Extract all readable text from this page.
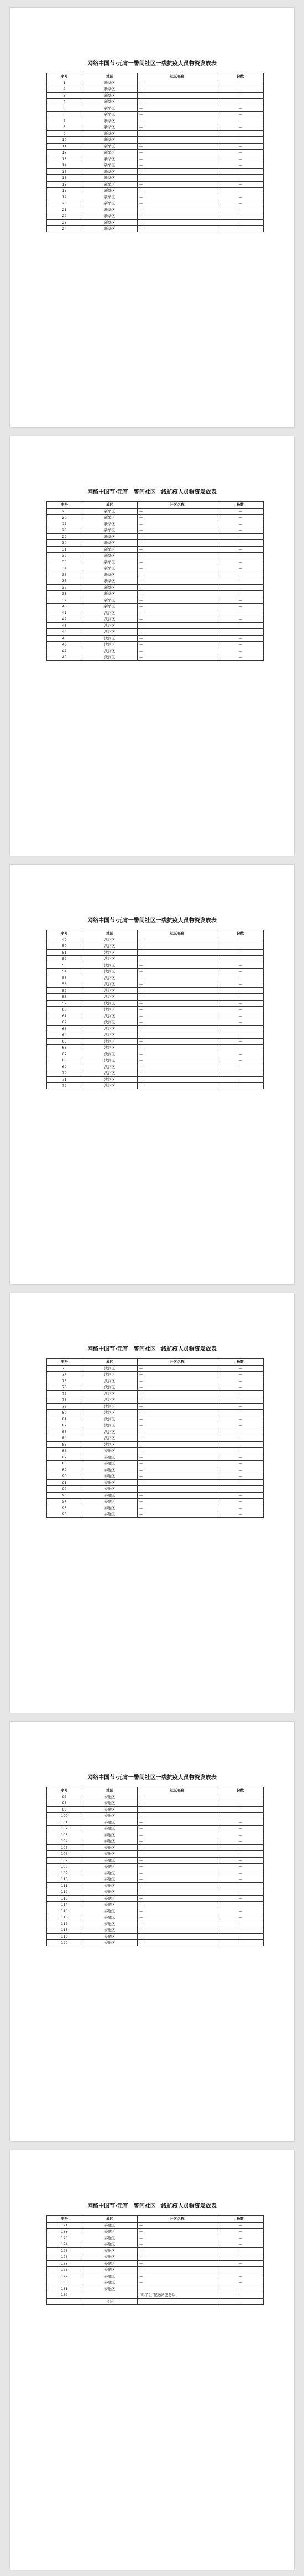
网络中国节·元宵一瞥间社区一线抗疫人员物资发放表
序号	地区	社区名称	份数
1	新华区	—	—
2	新华区	—	—
3	新华区	—	—
4	新华区	—	—
5	新华区	—	—
6	新华区	—	—
7	新华区	—	—
8	新华区	—	—
9	新华区	—	—
10	新华区	—	—
11	新华区	—	—
12	新华区	—	—
13	新华区	—	—
14	新华区	—	—
15	新华区	—	—
16	新华区	—	—
17	新华区	—	—
18	新华区	—	—
19	新华区	—	—
20	新华区	—	—
21	新华区	—	—
22	新华区	—	—
23	新华区	—	—
24	新华区	—	—
网络中国节·元宵一瞥间社区一线抗疫人员物资发放表
序号	地区	社区名称	份数
25	新华区	—	—
26	新华区	—	—
27	新华区	—	—
28	新华区	—	—
29	新华区	—	—
30	新华区	—	—
31	新华区	—	—
32	新华区	—	—
33	新华区	—	—
34	新华区	—	—
35	新华区	—	—
36	新华区	—	—
37	新华区	—	—
38	新华区	—	—
39	新华区	—	—
40	新华区	—	—
41	沈河区	—	—
42	沈河区	—	—
43	沈河区	—	—
44	沈河区	—	—
45	沈河区	—	—
46	沈河区	—	—
47	沈河区	—	—
48	沈河区	—	—
网络中国节·元宵一瞥间社区一线抗疫人员物资发放表
序号	地区	社区名称	份数
49	沈河区	—	—
50	沈河区	—	—
51	沈河区	—	—
52	沈河区	—	—
53	沈河区	—	—
54	沈河区	—	—
55	沈河区	—	—
56	沈河区	—	—
57	沈河区	—	—
58	沈河区	—	—
59	沈河区	—	—
60	沈河区	—	—
61	沈河区	—	—
62	沈河区	—	—
63	沈河区	—	—
64	沈河区	—	—
65	沈河区	—	—
66	沈河区	—	—
67	沈河区	—	—
68	沈河区	—	—
69	沈河区	—	—
70	沈河区	—	—
71	沈河区	—	—
72	沈河区	—	—
网络中国节·元宵一瞥间社区一线抗疫人员物资发放表
序号	地区	社区名称	份数
73	沈河区	—	—
74	沈河区	—	—
75	沈河区	—	—
76	沈河区	—	—
77	沈河区	—	—
78	沈河区	—	—
79	沈河区	—	—
80	沈河区	—	—
81	沈河区	—	—
82	沈河区	—	—
83	沈河区	—	—
84	沈河区	—	—
85	沈河区	—	—
86	泰融区	—	—
87	泰融区	—	—
88	泰融区	—	—
89	泰融区	—	—
90	泰融区	—	—
91	泰融区	—	—
92	泰融区	—	—
93	泰融区	—	—
94	泰融区	—	—
95	泰融区	—	—
96	泰融区	—	—
网络中国节·元宵一瞥间社区一线抗疫人员物资发放表
序号	地区	社区名称	份数
97	泰融区	—	—
98	泰融区	—	—
99	泰融区	—	—
100	泰融区	—	—
101	泰融区	—	—
102	泰融区	—	—
103	泰融区	—	—
104	泰融区	—	—
105	泰融区	—	—
106	泰融区	—	—
107	泰融区	—	—
108	泰融区	—	—
109	泰融区	—	—
110	泰融区	—	—
111	泰融区	—	—
112	泰融区	—	—
113	泰融区	—	—
114	泰融区	—	—
115	泰融区	—	—
116	泰融区	—	—
117	泰融区	—	—
118	泰融区	—	—
119	泰融区	—	—
120	泰融区	—	—
网络中国节·元宵一瞥间社区一线抗疫人员物资发放表
序号	地区	社区名称	份数
121	泰融区	—	—
122	泰融区	—	—
123	泰融区	—	—
124	泰融区	—	—
125	泰融区	—	—
126	泰融区	—	—
127	泰融区	—	—
128	泰融区	—	—
129	泰融区	—	—
130	泰融区	—	—
131	泰融区	—	—
132		“鸡了么”配送站服务队	—
	合计		—
